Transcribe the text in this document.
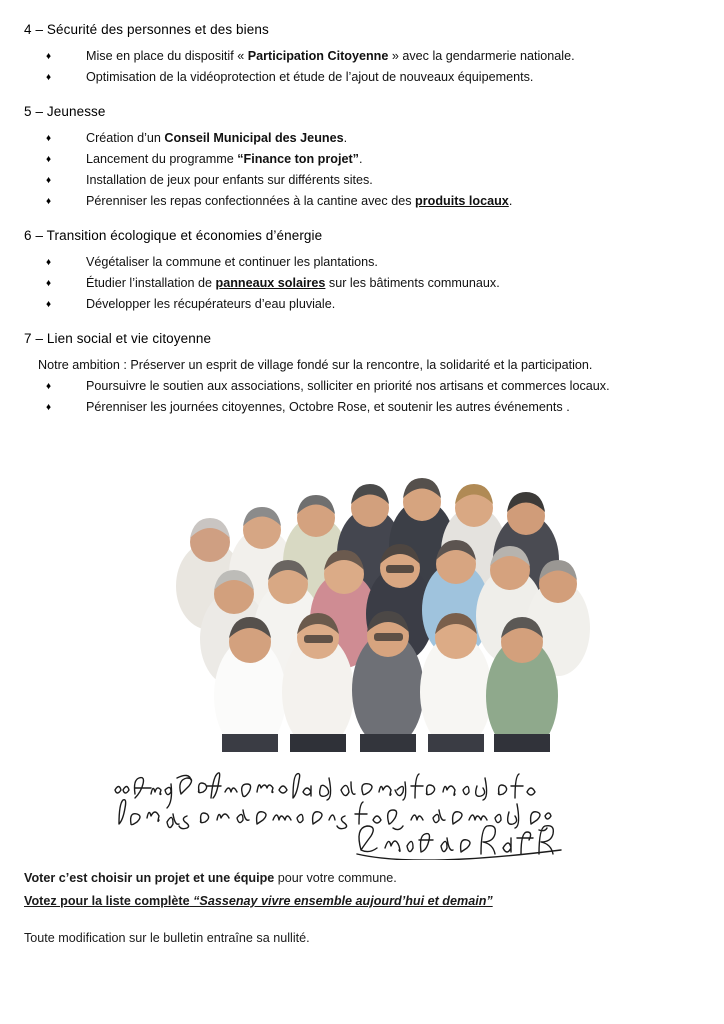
4 – Sécurité des personnes et des biens
♦ Mise en place du dispositif « Participation Citoyenne » avec la gendarmerie nationale.
♦ Optimisation de la vidéoprotection et étude de l’ajout de nouveaux équipements.
5 – Jeunesse
♦ Création d’un Conseil Municipal des Jeunes.
♦ Lancement du programme “Finance ton projet”.
♦ Installation de jeux pour enfants sur différents sites.
♦ Pérenniser les repas confectionnées à la cantine avec des produits locaux.
6 – Transition écologique et économies d’énergie
♦ Végétaliser la commune et continuer les plantations.
♦ Étudier l’installation de panneaux solaires sur les bâtiments communaux.
♦ Développer les récupérateurs d’eau pluviale.
7 – Lien social et vie citoyenne

Notre ambition : Préserver un esprit de village fondé sur la rencontre, la solidarité et la participation.

♦ Poursuivre le soutien aux associations, solliciter en priorité nos artisans et commerces locaux.
♦ Pérenniser les journées citoyennes, Octobre Rose, et soutenir les autres événements .

Voter c’est choisir un projet et une équipe pour votre commune.

Votez pour la liste complète “Sassenay vivre ensemble aujourd’hui et demain”

Toute modification sur le bulletin entraîne sa nullité.
